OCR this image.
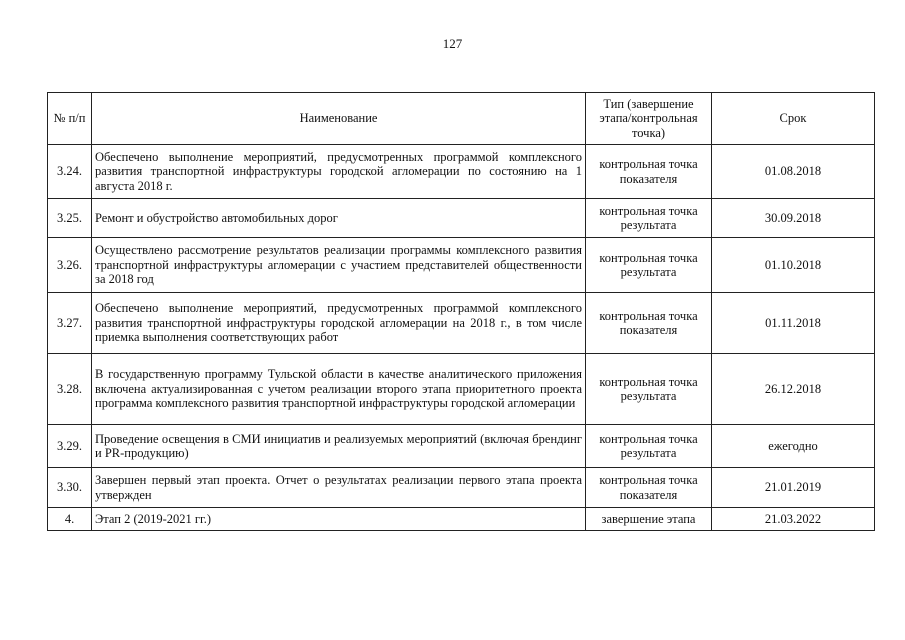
127
№ п/п	Наименование	Тип (завершение этапа/контрольная точка)	Срок
3.24.	Обеспечено выполнение мероприятий, предусмотренных программой комплексного развития транспортной инфраструктуры городской агломерации по состоянию на 1 августа 2018 г.	контрольная точка показателя	01.08.2018
3.25.	Ремонт и обустройство автомобильных дорог	контрольная точка результата	30.09.2018
3.26.	Осуществлено рассмотрение результатов реализации программы комплексного развития транспортной инфраструктуры агломерации с участием представителей общественности за 2018 год	контрольная точка результата	01.10.2018
3.27.	Обеспечено выполнение мероприятий, предусмотренных программой комплексного развития транспортной инфраструктуры городской агломерации на 2018 г., в том числе приемка выполнения соответствующих работ	контрольная точка показателя	01.11.2018
3.28.	В государственную программу Тульской области в качестве аналитического приложения включена актуализированная с учетом реализации второго этапа приоритетного проекта программа комплексного развития транспортной инфраструктуры городской агломерации	контрольная точка результата	26.12.2018
3.29.	Проведение освещения в СМИ инициатив и реализуемых мероприятий (включая брендинг и PR-продукцию)	контрольная точка результата	ежегодно
3.30.	Завершен первый этап проекта. Отчет о результатах реализации первого этапа проекта утвержден	контрольная точка показателя	21.01.2019
4.	Этап 2 (2019-2021 гг.)	завершение этапа	21.03.2022
